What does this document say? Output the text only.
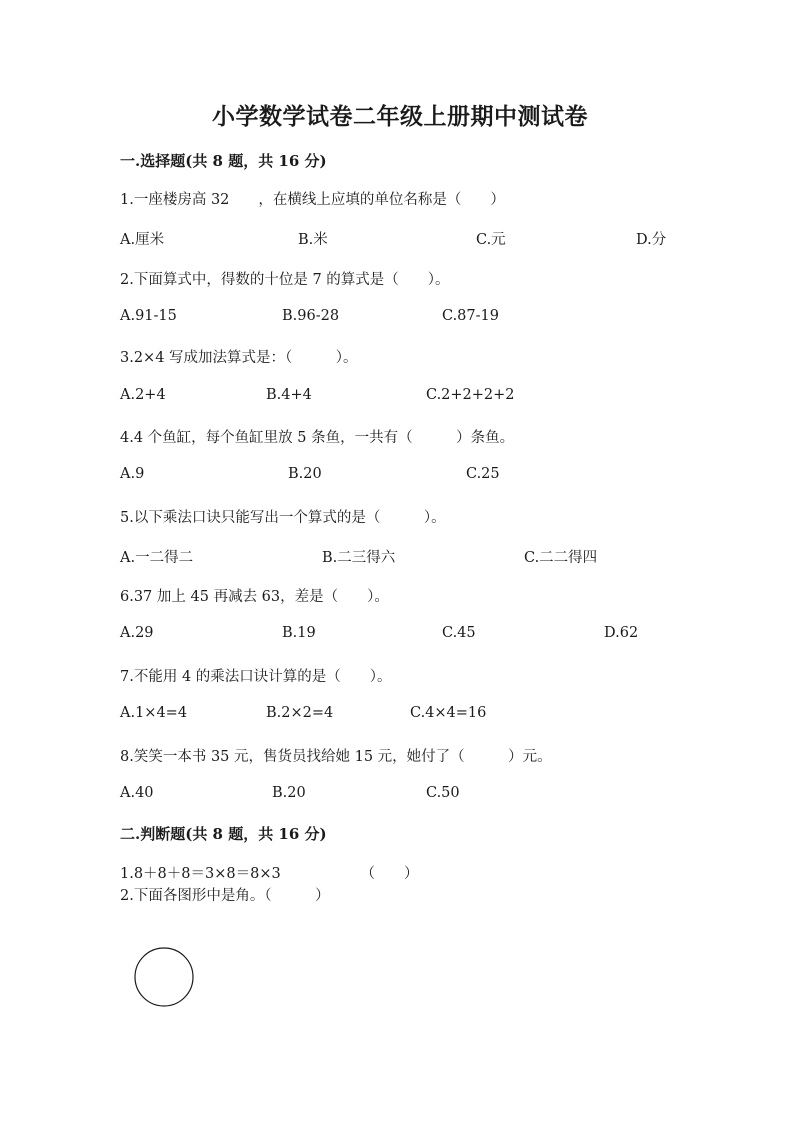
小学数学试卷二年级上册期中测试卷
一.选择题(共 8 题，共 16 分)
1.一座楼房高 32　　，在横线上应填的单位名称是（　　）
A.厘米	B.米	C.元	D.分
2.下面算式中，得数的十位是 7 的算式是（　　）。
A.91-15	B.96-28	C.87-19
3.2×4 写成加法算式是：（　　　）。
A.2+4	B.4+4	C.2+2+2+2
4.4 个鱼缸，每个鱼缸里放 5 条鱼，一共有（　　　）条鱼。
A.9	B.20	C.25
5.以下乘法口诀只能写出一个算式的是（　　　）。
A.一二得二	B.二三得六	C.二二得四
6.37 加上 45 再减去 63，差是（　　）。
A.29	B.19	C.45	D.62
7.不能用 4 的乘法口诀计算的是（　　）。
A.1×4=4	B.2×2=4	C.4×4=16
8.笑笑一本书 35 元，售货员找给她 15 元，她付了（　　　）元。
A.40	B.20	C.50
二.判断题(共 8 题，共 16 分)
1.8＋8＋8＝3×8＝8×3　　　　　　（　　）
2.下面各图形中是角。（　　　）
